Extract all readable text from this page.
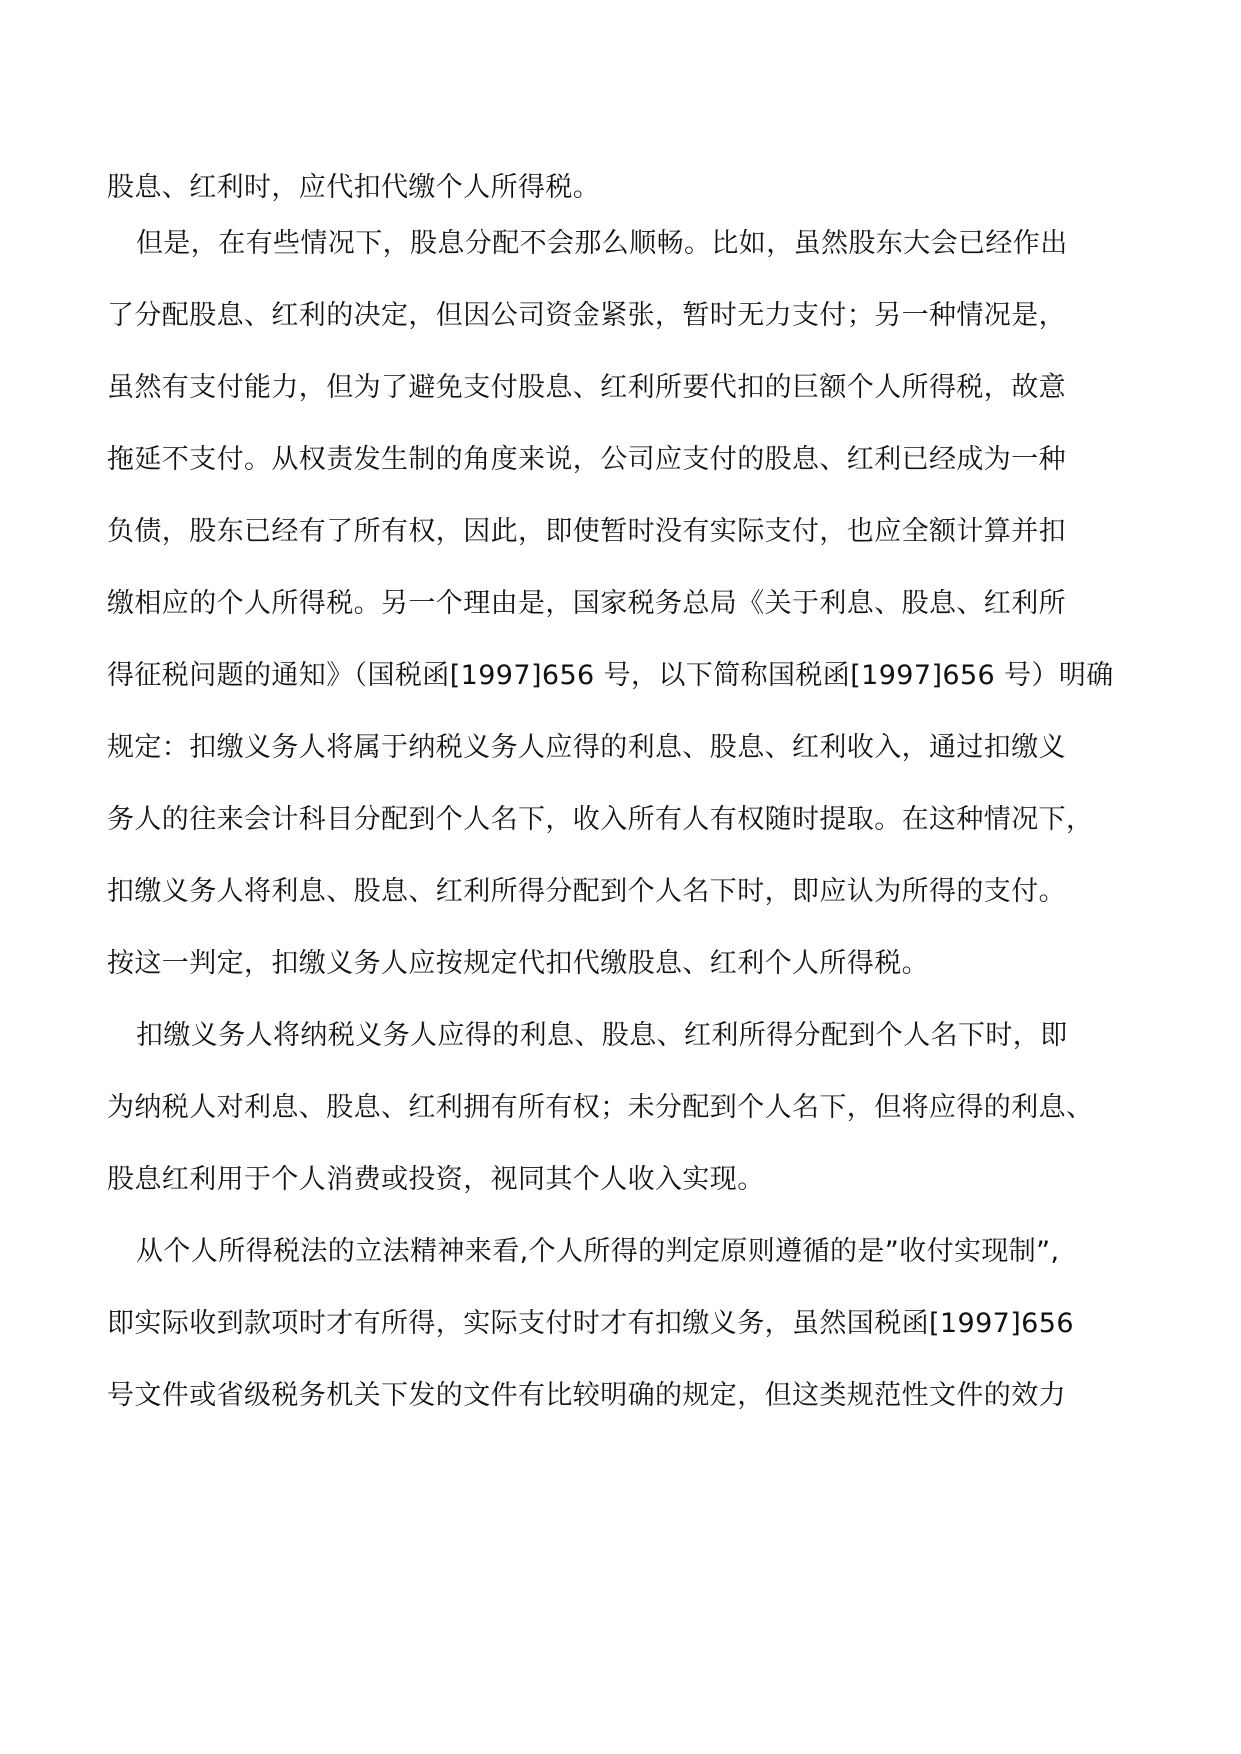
股息、红利时，应代扣代缴个人所得税。
但是，在有些情况下，股息分配不会那么顺畅。比如，虽然股东大会已经作出
了分配股息、红利的决定，但因公司资金紧张，暂时无力支付；另一种情况是，
虽然有支付能力，但为了避免支付股息、红利所要代扣的巨额个人所得税，故意
拖延不支付。从权责发生制的角度来说，公司应支付的股息、红利已经成为一种
负债，股东已经有了所有权，因此，即使暂时没有实际支付，也应全额计算并扣
缴相应的个人所得税。另一个理由是，国家税务总局《关于利息、股息、红利所
得征税问题的通知》（国税函[1997]656 号，以下简称国税函[1997]656 号）明确
规定：扣缴义务人将属于纳税义务人应得的利息、股息、红利收入，通过扣缴义
务人的往来会计科目分配到个人名下，收入所有人有权随时提取。在这种情况下，
扣缴义务人将利息、股息、红利所得分配到个人名下时，即应认为所得的支付。
按这一判定，扣缴义务人应按规定代扣代缴股息、红利个人所得税。
扣缴义务人将纳税义务人应得的利息、股息、红利所得分配到个人名下时，即
为纳税人对利息、股息、红利拥有所有权；未分配到个人名下，但将应得的利息、
股息红利用于个人消费或投资，视同其个人收入实现。
从个人所得税法的立法精神来看,个人所得的判定原则遵循的是”收付实现制”,
即实际收到款项时才有所得，实际支付时才有扣缴义务，虽然国税函[1997]656
号文件或省级税务机关下发的文件有比较明确的规定，但这类规范性文件的效力
